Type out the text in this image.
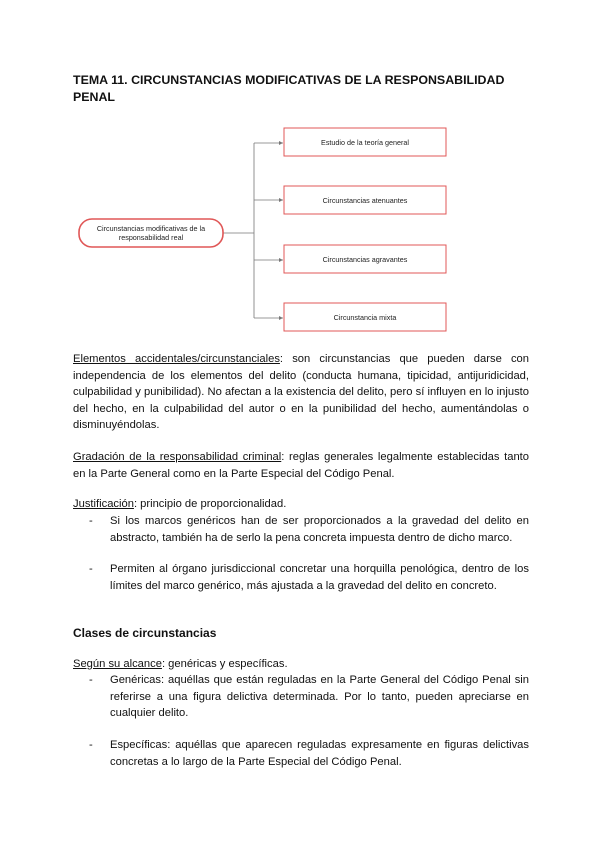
TEMA 11. CIRCUNSTANCIAS MODIFICATIVAS DE LA RESPONSABILIDAD
PENAL
Circunstancias modificativas de la
responsabilidad real
Estudio de la teoría general
Circunstancias atenuantes
Circunstancias agravantes
Circunstancia mixta
Elementos accidentales/circunstanciales: son circunstancias que pueden darse con independencia de los elementos del delito (conducta humana, tipicidad, antijuridicidad, culpabilidad y punibilidad). No afectan a la existencia del delito, pero sí influyen en lo injusto del hecho, en la culpabilidad del autor o en la punibilidad del hecho, aumentándolas o disminuyéndolas.
Gradación de la responsabilidad criminal: reglas generales legalmente establecidas tanto en la Parte General como en la Parte Especial del Código Penal.
Justificación: principio de proporcionalidad.
-	Si los marcos genéricos han de ser proporcionados a la gravedad del delito en abstracto, también ha de serlo la pena concreta impuesta dentro de dicho marco.
-	Permiten al órgano jurisdiccional concretar una horquilla penológica, dentro de los límites del marco genérico, más ajustada a la gravedad del delito en concreto.
Clases de circunstancias
Según su alcance: genéricas y específicas.
-	Genéricas: aquéllas que están reguladas en la Parte General del Código Penal sin referirse a una figura delictiva determinada. Por lo tanto, pueden apreciarse en cualquier delito.
-	Específicas: aquéllas que aparecen reguladas expresamente en figuras delictivas concretas a lo largo de la Parte Especial del Código Penal.
